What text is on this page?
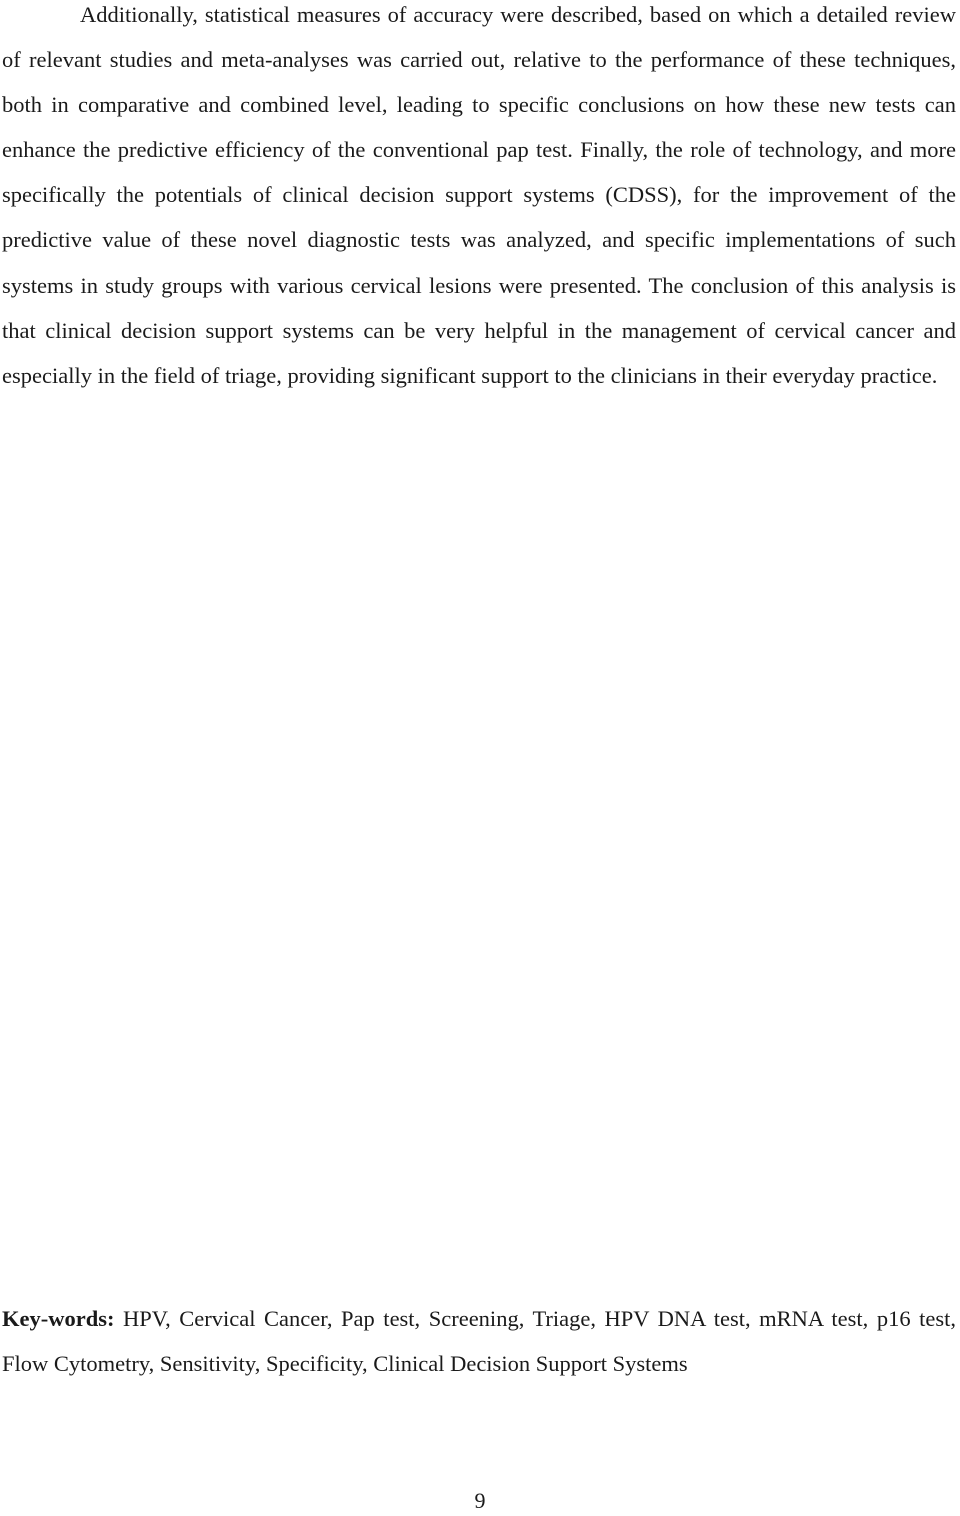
Additionally, statistical measures of accuracy were described, based on which a detailed review of relevant studies and meta-analyses was carried out, relative to the performance of these techniques, both in comparative and combined level, leading to specific conclusions on how these new tests can enhance the predictive efficiency of the conventional pap test. Finally, the role of technology, and more specifically the potentials of clinical decision support systems (CDSS), for the improvement of the predictive value of these novel diagnostic tests was analyzed, and specific implementations of such systems in study groups with various cervical lesions were presented. The conclusion of this analysis is that clinical decision support systems can be very helpful in the management of cervical cancer and especially in the field of triage, providing significant support to the clinicians in their everyday practice.

Key-words: HPV, Cervical Cancer, Pap test, Screening, Triage, HPV DNA test, mRNA test, p16 test, Flow Cytometry, Sensitivity, Specificity, Clinical Decision Support Systems

9
